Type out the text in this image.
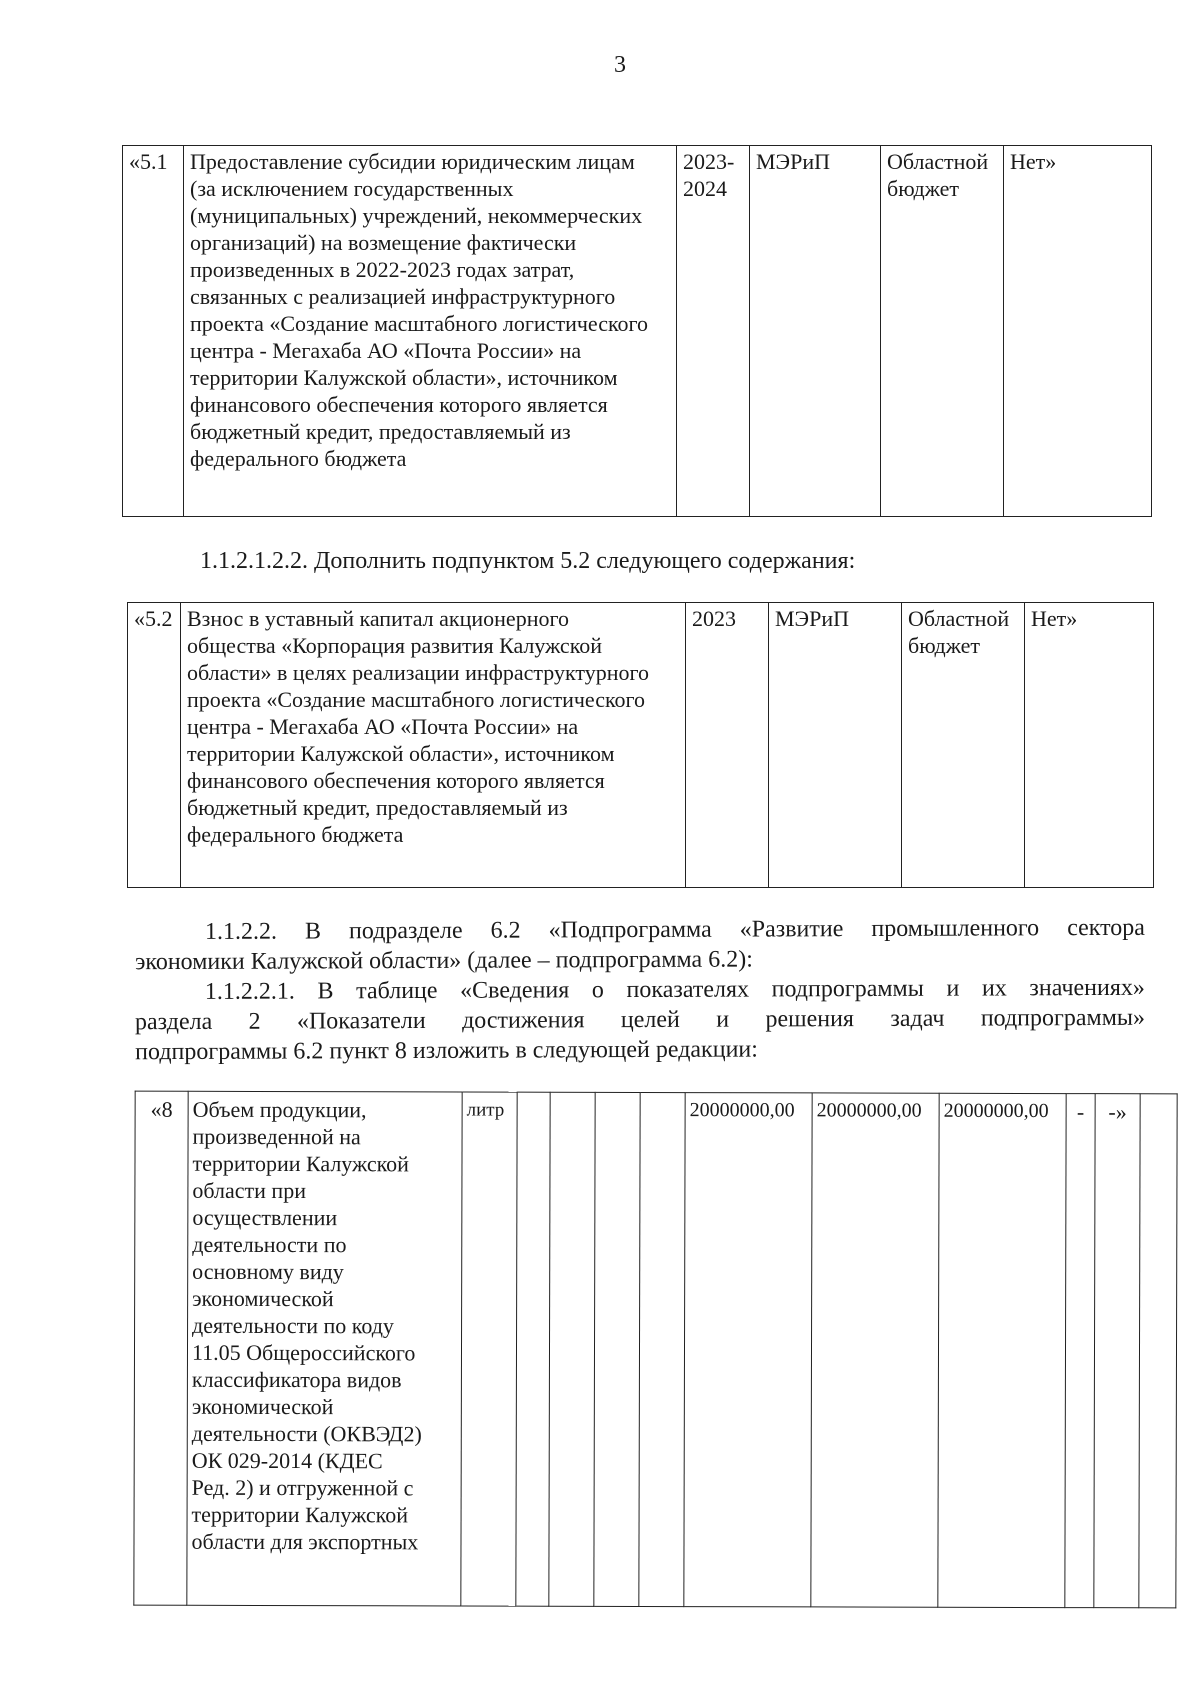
3
«5.1	Предоставление субсидии юридическим лицам
(за исключением государственных
(муниципальных) учреждений, некоммерческих
организаций) на возмещение фактически
произведенных в 2022-2023 годах затрат,
связанных с реализацией инфраструктурного
проекта «Создание масштабного логистического
центра - Мегахаба АО «Почта России» на
территории Калужской области», источником
финансового обеспечения которого является
бюджетный кредит, предоставляемый из
федерального бюджета	2023-
2024	МЭРиП	Областной
бюджет	Нет»

1.1.2.1.2.2. Дополнить подпунктом 5.2 следующего содержания:

«5.2	Взнос в уставный капитал акционерного
общества «Корпорация развития Калужской
области» в целях реализации инфраструктурного
проекта «Создание масштабного логистического
центра - Мегахаба АО «Почта России» на
территории Калужской области», источником
финансового обеспечения которого является
бюджетный кредит, предоставляемый из
федерального бюджета	2023	МЭРиП	Областной
бюджет	Нет»
1.1.2.2. В подразделе 6.2 «Подпрограмма «Развитие промышленного сектора
экономики Калужской области» (далее – подпрограмма 6.2):
1.1.2.2.1. В таблице «Сведения о показателях подпрограммы и их значениях»
раздела 2 «Показатели достижения целей и решения задач подпрограммы»
подпрограммы 6.2 пункт 8 изложить в следующей редакции:
«8	Объем продукции,
произведенной на
территории Калужской
области при
осуществлении
деятельности по
основному виду
экономической
деятельности по коду
11.05 Общероссийского
классификатора видов
экономической
деятельности (ОКВЭД2)
ОК 029-2014 (КДЕС
Ред. 2) и отгруженной с
территории Калужской
области для экспортных	литр					20000000,00	20000000,00	20000000,00	-	-»	
